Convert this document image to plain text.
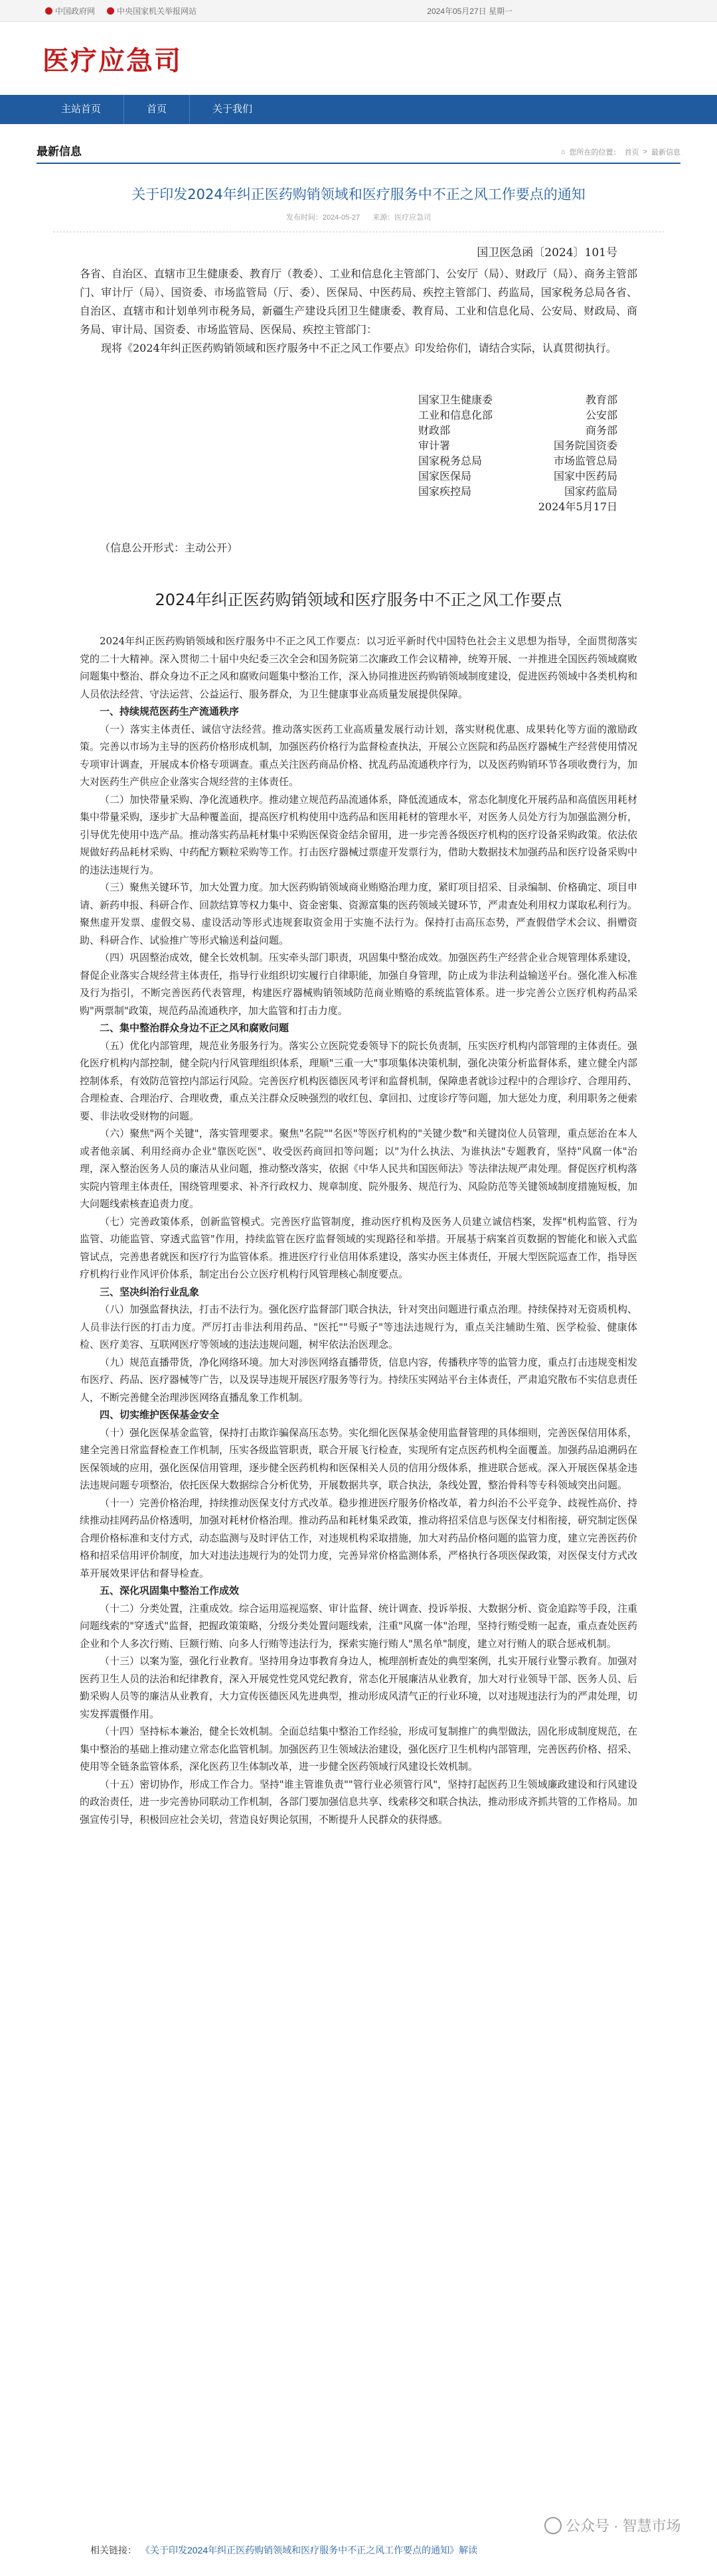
中国政府网	中央国家机关举报网站	2024年05月27日 星期一
医疗应急司
主站首页	首页	关于我们
最新信息	⌂ 您所在的位置： 首页 > 最新信息
关于印发2024年纠正医药购销领域和医疗服务中不正之风工作要点的通知
发布时间：2024-05-27 来源：医疗应急司
国卫医急函〔2024〕101号
各省、自治区、直辖市卫生健康委、教育厅（教委）、工业和信息化主管部门、公安厅（局）、财政厅（局）、商务主管部门、审计厅（局）、国资委、市场监管局（厅、委）、医保局、中医药局、疾控主管部门、药监局，国家税务总局各省、自治区、直辖市和计划单列市税务局，新疆生产建设兵团卫生健康委、教育局、工业和信息化局、公安局、财政局、商务局、审计局、国资委、市场监管局、医保局、疾控主管部门：
现将《2024年纠正医药购销领域和医疗服务中不正之风工作要点》印发给你们，请结合实际，认真贯彻执行。
国家卫生健康委	教育部
工业和信息化部	公安部
财政部	商务部
审计署	国务院国资委
国家税务总局	市场监管总局
国家医保局	国家中医药局
国家疾控局	国家药监局
2024年5月17日
（信息公开形式：主动公开）
2024年纠正医药购销领域和医疗服务中不正之风工作要点

2024年纠正医药购销领域和医疗服务中不正之风工作要点：以习近平新时代中国特色社会主义思想为指导，全面贯彻落实党的二十大精神。深入贯彻二十届中央纪委三次全会和国务院第二次廉政工作会议精神，统筹开展、一并推进全国医药领域腐败问题集中整治、群众身边不正之风和腐败问题集中整治工作，深入协同推进医药购销领域制度建设，促进医药领域中各类机构和人员依法经营、守法运营、公益运行、服务群众，为卫生健康事业高质量发展提供保障。

一、持续规范医药生产流通秩序

（一）落实主体责任、诚信守法经营。推动落实医药工业高质量发展行动计划，落实财税优惠、成果转化等方面的激励政策。完善以市场为主导的医药价格形成机制，加强医药价格行为监督检查执法，开展公立医院和药品医疗器械生产经营使用情况专项审计调查，开展成本价格专项调查。重点关注医药商品价格、扰乱药品流通秩序行为，以及医药购销环节各项收费行为，加大对医药生产供应企业落实合规经营的主体责任。

（二）加快带量采购、净化流通秩序。推动建立规范药品流通体系，降低流通成本，常态化制度化开展药品和高值医用耗材集中带量采购，逐步扩大品种覆盖面，提高医疗机构使用中选药品和医用耗材的管理水平，对医务人员处方行为加强监测分析，引导优先使用中选产品。推动落实药品耗材集中采购医保资金结余留用，进一步完善各级医疗机构的医疗设备采购政策。依法依规做好药品耗材采购、中药配方颗粒采购等工作。打击医疗器械过票虚开发票行为，借助大数据技术加强药品和医疗设备采购中的违法违规行为。

（三）聚焦关键环节，加大处置力度。加大医药购销领域商业贿赂治理力度，紧盯项目招采、目录编制、价格确定、项目申请、新药申报、科研合作、回款结算等权力集中、资金密集、资源富集的医药领域关键环节，严肃查处利用权力谋取私利行为。聚焦虚开发票、虚假交易、虚设活动等形式违规套取资金用于实施不法行为。保持打击高压态势，严查假借学术会议、捐赠资助、科研合作、试验推广等形式输送利益问题。

（四）巩固整治成效，健全长效机制。压实牵头部门职责，巩固集中整治成效。加强医药生产经营企业合规管理体系建设，督促企业落实合规经营主体责任，指导行业组织切实履行自律职能，加强自身管理，防止成为非法利益输送平台。强化准入标准及行为指引，不断完善医药代表管理，构建医疗器械购销领域防范商业贿赂的系统监管体系。进一步完善公立医疗机构药品采购"两票制"政策，规范药品流通秩序，加大监管和打击力度。

二、集中整治群众身边不正之风和腐败问题

（五）优化内部管理，规范业务服务行为。落实公立医院党委领导下的院长负责制，压实医疗机构内部管理的主体责任。强化医疗机构内部控制，健全院内行风管理组织体系，理顺"三重一大"事项集体决策机制，强化决策分析监督体系，建立健全内部控制体系，有效防范管控内部运行风险。完善医疗机构医德医风考评和监督机制，保障患者就诊过程中的合理诊疗、合理用药、合理检查、合理治疗、合理收费，重点关注群众反映强烈的收红包、拿回扣、过度诊疗等问题，加大惩处力度，利用职务之便索要、非法收受财物的问题。

（六）聚焦"两个关键"，落实管理要求。聚焦"名院""名医"等医疗机构的"关键少数"和关键岗位人员管理，重点惩治在本人或者他亲属、利用经商办企业"靠医吃医"、收受医药商回扣等问题；以"为什么执法、为谁执法"专题教育，坚持"风腐一体"治理，深入整治医务人员的廉洁从业问题，推动整改落实，依据《中华人民共和国医师法》等法律法规严肃处理。督促医疗机构落实院内管理主体责任，围绕管理要求、补齐行政权力、规章制度、院外服务、规范行为、风险防范等关键领域制度措施短板，加大问题线索核查追责力度。

（七）完善政策体系，创新监管模式。完善医疗监管制度，推动医疗机构及医务人员建立诚信档案，发挥"机构监管、行为监管、功能监管、穿透式监管"作用，持续监管在医疗监督领域的实现路径和举措。开展基于病案首页数据的智能化和嵌入式监管试点，完善患者就医和医疗行为监管体系。推进医疗行业信用体系建设，落实办医主体责任，开展大型医院巡查工作，指导医疗机构行业作风评价体系，制定出台公立医疗机构行风管理核心制度要点。

三、坚决纠治行业乱象

（八）加强监督执法，打击不法行为。强化医疗监督部门联合执法，针对突出问题进行重点治理。持续保持对无资质机构、人员非法行医的打击力度。严厉打击非法利用药品、"医托""号贩子"等违法违规行为，重点关注辅助生殖、医学检验、健康体检、医疗美容、互联网医疗等领域的违法违规问题，树牢依法治医理念。

（九）规范直播带货，净化网络环境。加大对涉医网络直播带货，信息内容，传播秩序等的监管力度，重点打击违规变相发布医疗、药品、医疗器械等广告，以及误导违规开展医疗服务等行为。持续压实网站平台主体责任，严肃追究散布不实信息责任人，不断完善健全治理涉医网络直播乱象工作机制。

四、切实维护医保基金安全

（十）强化医保基金监管，保持打击欺诈骗保高压态势。实化细化医保基金使用监督管理的具体细则，完善医保信用体系，建全完善日常监督检查工作机制，压实各级监管职责，联合开展飞行检查，实现所有定点医药机构全面覆盖。加强药品追溯码在医保领域的应用，强化医保信用管理，逐步健全医药机构和医保相关人员的信用分级体系，推进联合惩戒。深入开展医保基金违法违规问题专项整治，依托医保大数据综合分析优势，开展数据共享，联合执法，条线处置，整治骨科等专科领域突出问题。

（十一）完善价格治理，持续推动医保支付方式改革。稳步推进医疗服务价格改革，着力纠治不公平竞争、歧视性高价、持续推动挂网药品价格透明，加强对耗材价格治理。推动药品和耗材集采政策，推动将招采信息与医保支付相衔接，研究制定医保合理价格标准和支付方式，动态监测与及时评估工作，对违规机构采取措施，加大对药品价格问题的监管力度，建立完善医药价格和招采信用评价制度，加大对违法违规行为的处罚力度，完善异常价格监测体系，严格执行各项医保政策，对医保支付方式改革开展效果评估和督导检查。

五、深化巩固集中整治工作成效

（十二）分类处置，注重成效。综合运用巡视巡察、审计监督、统计调查、投诉举报、大数据分析、资金追踪等手段，注重问题线索的"穿透式"监督，把握政策策略，分级分类处置问题线索，注重"风腐一体"治理，坚持行贿受贿一起查，重点查处医药企业和个人多次行贿、巨额行贿、向多人行贿等违法行为，探索实施行贿人"黑名单"制度，建立对行贿人的联合惩戒机制。

（十三）以案为鉴，强化行业教育。坚持用身边事教育身边人，梳理剖析查处的典型案例，扎实开展行业警示教育。加强对医药卫生人员的法治和纪律教育，深入开展党性党风党纪教育，常态化开展廉洁从业教育，加大对行业领导干部、医务人员、后勤采购人员等的廉洁从业教育，大力宣传医德医风先进典型，推动形成风清气正的行业环境，以对违规违法行为的严肃处理，切实发挥震慑作用。

（十四）坚持标本兼治，健全长效机制。全面总结集中整治工作经验，形成可复制推广的典型做法，固化形成制度规范，在集中整治的基础上推动建立常态化监管机制。加强医药卫生领域法治建设，强化医疗卫生机构内部管理，完善医药价格、招采、使用等全链条监管体系，深化医药卫生体制改革，进一步健全医药领域行风建设长效机制。

（十五）密切协作，形成工作合力。坚持"谁主管谁负责""管行业必须管行风"，坚持打起医药卫生领域廉政建设和行风建设的政治责任，进一步完善协同联动工作机制，各部门要加强信息共享、线索移交和联合执法，推动形成齐抓共管的工作格局。加强宣传引导，积极回应社会关切，营造良好舆论氛围，不断提升人民群众的获得感。

公众号 · 智慧市场
相关链接： 《关于印发2024年纠正医药购销领域和医疗服务中不正之风工作要点的通知》解读
